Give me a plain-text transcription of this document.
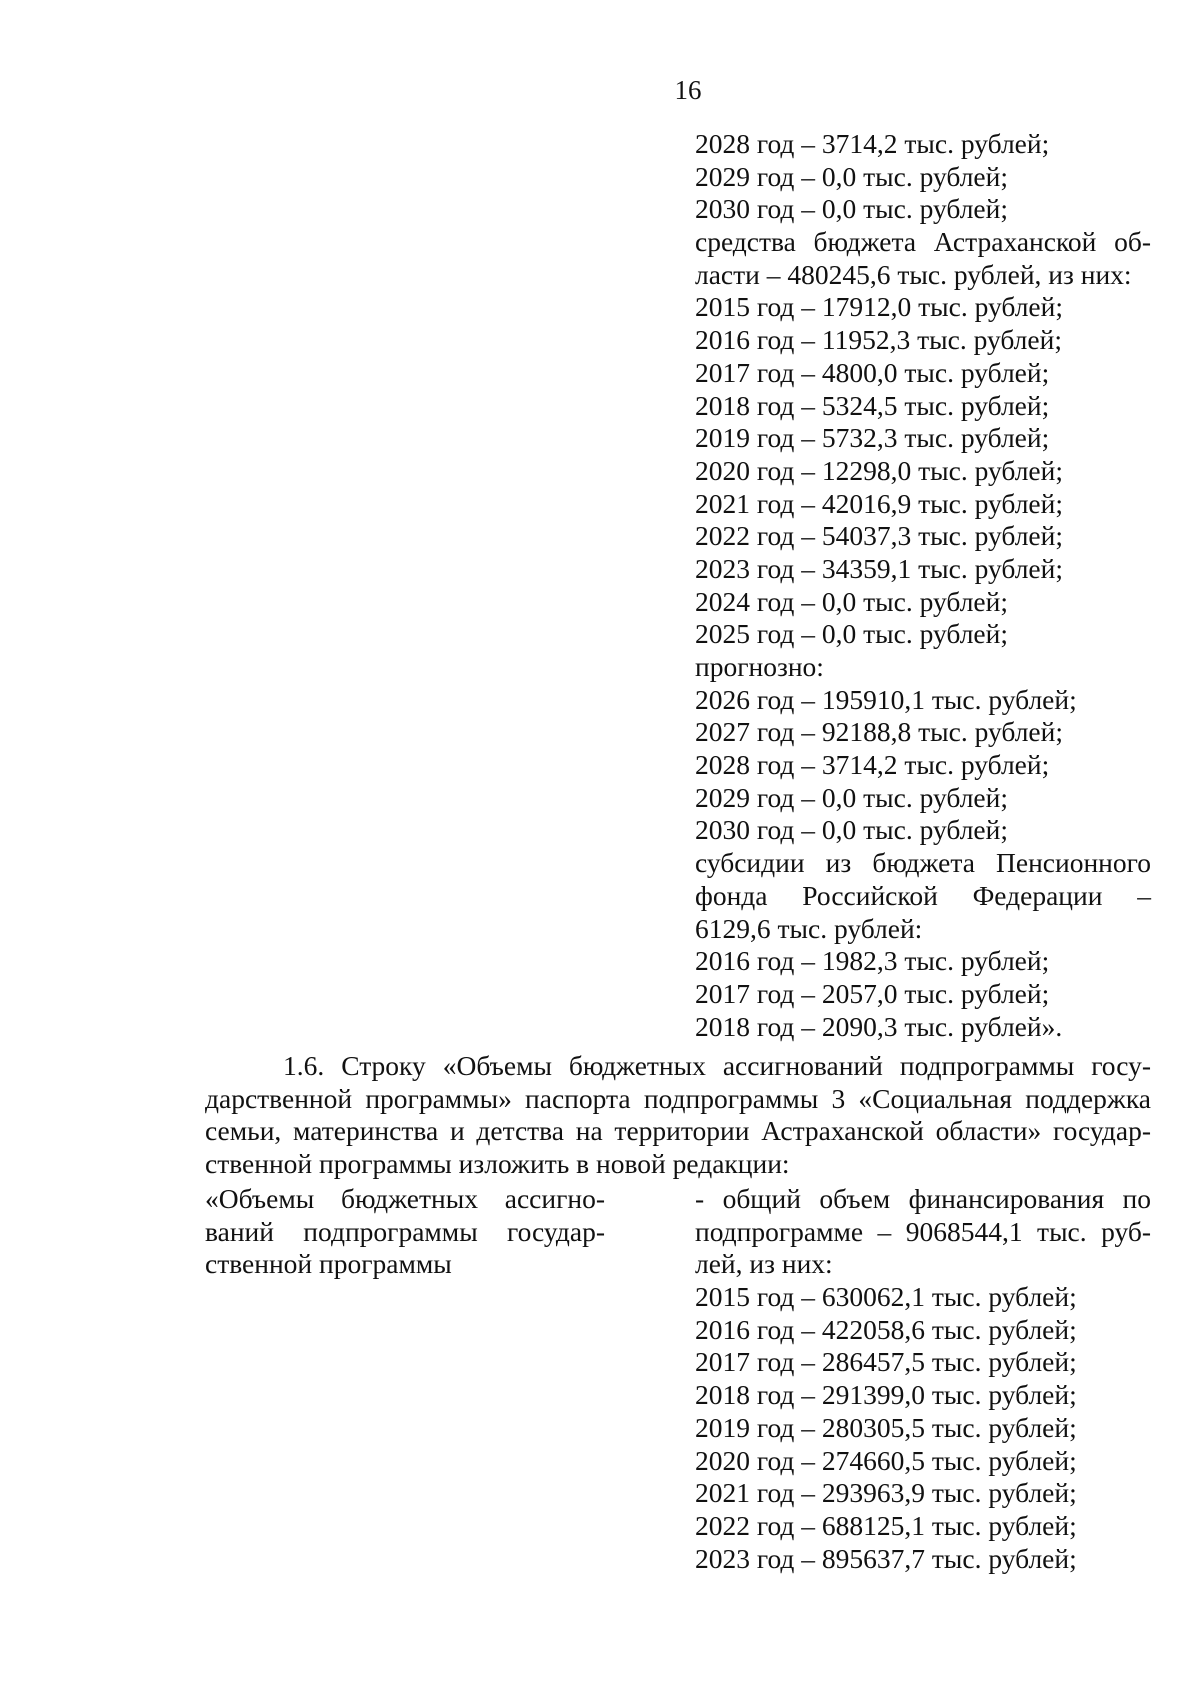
16
2028 год – 3714,2 тыс. рублей;
2029 год – 0,0 тыс. рублей;
2030 год – 0,0 тыс. рублей;
средства бюджета Астраханской об-
ласти – 480245,6 тыс. рублей, из них:
2015 год – 17912,0 тыс. рублей;
2016 год – 11952,3 тыс. рублей;
2017 год – 4800,0 тыс. рублей;
2018 год – 5324,5 тыс. рублей;
2019 год – 5732,3 тыс. рублей;
2020 год – 12298,0 тыс. рублей;
2021 год – 42016,9 тыс. рублей;
2022 год – 54037,3 тыс. рублей;
2023 год – 34359,1 тыс. рублей;
2024 год – 0,0 тыс. рублей;
2025 год – 0,0 тыс. рублей;
прогнозно:
2026 год – 195910,1 тыс. рублей;
2027 год – 92188,8 тыс. рублей;
2028 год – 3714,2 тыс. рублей;
2029 год – 0,0 тыс. рублей;
2030 год – 0,0 тыс. рублей;
субсидии из бюджета Пенсионного
фонда Российской Федерации –
6129,6 тыс. рублей:
2016 год – 1982,3 тыс. рублей;
2017 год – 2057,0 тыс. рублей;
2018 год – 2090,3 тыс. рублей».
1.6. Строку «Объемы бюджетных ассигнований подпрограммы госу-
дарственной программы» паспорта подпрограммы 3 «Социальная поддержка
семьи, материнства и детства на территории Астраханской области» государ-
ственной программы изложить в новой редакции:
«Объемы бюджетных ассигно-
ваний подпрограммы государ-
ственной программы
- общий объем финансирования по
подпрограмме – 9068544,1 тыс. руб-
лей, из них:
2015 год – 630062,1 тыс. рублей;
2016 год – 422058,6 тыс. рублей;
2017 год – 286457,5 тыс. рублей;
2018 год – 291399,0 тыс. рублей;
2019 год – 280305,5 тыс. рублей;
2020 год – 274660,5 тыс. рублей;
2021 год – 293963,9 тыс. рублей;
2022 год – 688125,1 тыс. рублей;
2023 год – 895637,7 тыс. рублей;
